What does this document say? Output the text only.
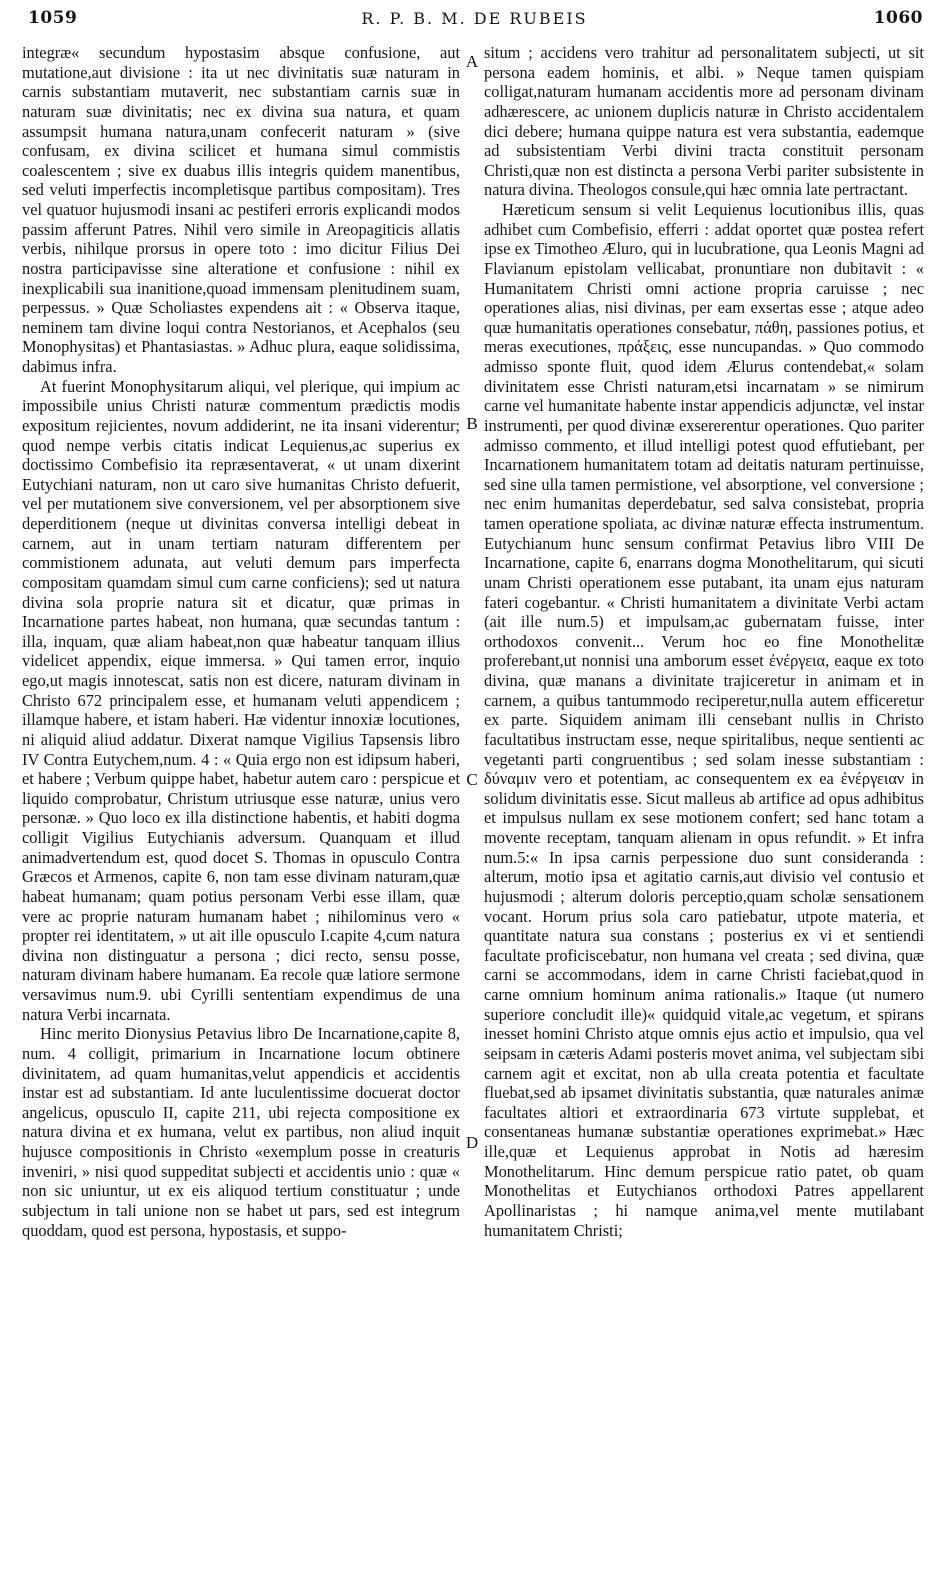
1059	R. P. B. M. DE RUBEIS	1060

integræ« secundum hypostasim absque confusione, aut mutatione,aut divisione : ita ut nec divinitatis suæ naturam in carnis substantiam mutaverit, nec substantiam carnis suæ in naturam suæ divinitatis; nec ex divina sua natura, et quam assumpsit humana natura,unam confecerit naturam » (sive confusam, ex divina scilicet et humana simul commistis coalescentem ; sive ex duabus illis integris quidem manentibus, sed veluti imperfectis incompletisque partibus compositam). Tres vel quatuor hujusmodi insani ac pestiferi erroris explicandi modos passim afferunt Patres. Nihil vero simile in Areopagiticis allatis verbis, nihilque prorsus in opere toto : imo dicitur Filius Dei nostra participavisse sine alteratione et confusione : nihil ex inexplicabili sua inanitione,quoad immensam plenitudinem suam, perpessus. » Quæ Scholiastes expendens ait : « Observa itaque, neminem tam divine loqui contra Nestorianos, et Acephalos (seu Monophysitas) et Phantasiastas. » Adhuc plura, eaque solidissima, dabimus infra.

At fuerint Monophysitarum aliqui, vel plerique, qui impium ac impossibile unius Christi naturæ commentum prædictis modis expositum rejicientes, novum addiderint, ne ita insani viderentur; quod nempe verbis citatis indicat Lequienus,ac superius ex doctissimo Combefisio ita repræsentaverat, « ut unam dixerint Eutychiani naturam, non ut caro sive humanitas Christo defuerit, vel per mutationem sive conversionem, vel per absorptionem sive deperditionem (neque ut divinitas conversa intelligi debeat in carnem, aut in unam tertiam naturam differentem per commistionem adunata, aut veluti demum pars imperfecta compositam quamdam simul cum carne conficiens); sed ut natura divina sola proprie natura sit et dicatur, quæ primas in Incarnatione partes habeat, non humana, quæ secundas tantum : illa, inquam, quæ aliam habeat,non quæ habeatur tanquam illius videlicet appendix, eique immersa. » Qui tamen error, inquio ego,ut magis innotescat, satis non est dicere, naturam divinam in Christo 672 principalem esse, et humanam veluti appendicem ; illamque habere, et istam haberi. Hæ videntur innoxiæ locutiones, ni aliquid aliud addatur. Dixerat namque Vigilius Tapsensis libro IV Contra Eutychem,num. 4 : « Quia ergo non est idipsum haberi, et habere ; Verbum quippe habet, habetur autem caro : perspicue et liquido comprobatur, Christum utriusque esse naturæ, unius vero personæ. » Quo loco ex illa distinctione habentis, et habiti dogma colligit Vigilius Eutychianis adversum. Quanquam et illud animadvertendum est, quod docet S. Thomas in opusculo Contra Græcos et Armenos, capite 6, non tam esse divinam naturam,quæ habeat humanam; quam potius personam Verbi esse illam, quæ vere ac proprie naturam humanam habet ; nihilominus vero « propter rei identitatem, » ut ait ille opusculo I.capite 4,cum natura divina non distinguatur a persona ; dici recto, sensu posse, naturam divinam habere humanam. Ea recole quæ latiore sermone versavimus num.9. ubi Cyrilli sententiam expendimus de una natura Verbi incarnata.

Hinc merito Dionysius Petavius libro De Incarnatione,capite 8, num. 4 colligit, primarium in Incarnatione locum obtinere divinitatem, ad quam humanitas,velut appendicis et accidentis instar est ad substantiam. Id ante luculentissime docuerat doctor angelicus, opusculo II, capite 211, ubi rejecta compositione ex natura divina et ex humana, velut ex partibus, non aliud inquit hujusce compositionis in Christo «exemplum posse in creaturis inveniri, » nisi quod suppeditat subjecti et accidentis unio : quæ « non sic uniuntur, ut ex eis aliquod tertium constituatur ; unde subjectum in tali unione non se habet ut pars, sed est integrum quoddam, quod est persona, hypostasis, et suppo-

A
B
C
D

situm ; accidens vero trahitur ad personalitatem subjecti, ut sit persona eadem hominis, et albi. » Neque tamen quispiam colligat,naturam humanam accidentis more ad personam divinam adhærescere, ac unionem duplicis naturæ in Christo accidentalem dici debere; humana quippe natura est vera substantia, eademque ad subsistentiam Verbi divini tracta constituit personam Christi,quæ non est distincta a persona Verbi pariter subsistente in natura divina. Theologos consule,qui hæc omnia late pertractant.

Hæreticum sensum si velit Lequienus locutionibus illis, quas adhibet cum Combefisio, efferri : addat oportet quæ postea refert ipse ex Timotheo Æluro, qui in lucubratione, qua Leonis Magni ad Flavianum epistolam vellicabat, pronuntiare non dubitavit : « Humanitatem Christi omni actione propria caruisse ; nec operationes alias, nisi divinas, per eam exsertas esse ; atque adeo quæ humanitatis operationes consebatur, πάθη, passiones potius, et meras executiones, πράξεις, esse nuncupandas. » Quo commodo admisso sponte fluit, quod idem Ælurus contendebat,« solam divinitatem esse Christi naturam,etsi incarnatam » se nimirum carne vel humanitate habente instar appendicis adjunctæ, vel instar instrumenti, per quod divinæ exsererentur operationes. Quo pariter admisso commento, et illud intelligi potest quod effutiebant, per Incarnationem humanitatem totam ad deitatis naturam pertinuisse, sed sine ulla tamen permistione, vel absorptione, vel conversione ; nec enim humanitas deperdebatur, sed salva consistebat, propria tamen operatione spoliata, ac divinæ naturæ effecta instrumentum. Eutychianum hunc sensum confirmat Petavius libro VIII De Incarnatione, capite 6, enarrans dogma Monothelitarum, qui sicuti unam Christi operationem esse putabant, ita unam ejus naturam fateri cogebantur. « Christi humanitatem a divinitate Verbi actam (ait ille num.5) et impulsam,ac gubernatam fuisse, inter orthodoxos convenit... Verum hoc eo fine Monothelitæ proferebant,ut nonnisi una amborum esset ἐνέργεια, eaque ex toto divina, quæ manans a divinitate trajiceretur in animam et in carnem, a quibus tantummodo reciperetur,nulla autem efficeretur ex parte. Siquidem animam illi censebant nullis in Christo facultatibus instructam esse, neque spiritalibus, neque sentienti ac vegetanti parti congruentibus ; sed solam inesse substantiam : δύναμιν vero et potentiam, ac consequentem ex ea ἐνέργειαν in solidum divinitatis esse. Sicut malleus ab artifice ad opus adhibitus et impulsus nullam ex sese motionem confert; sed hanc totam a movente receptam, tanquam alienam in opus refundit. » Et infra num.5:« In ipsa carnis perpessione duo sunt consideranda : alterum, motio ipsa et agitatio carnis,aut divisio vel contusio et hujusmodi ; alterum doloris perceptio,quam scholæ sensationem vocant. Horum prius sola caro patiebatur, utpote materia, et quantitate natura sua constans ; posterius ex vi et sentiendi facultate proficiscebatur, non humana vel creata ; sed divina, quæ carni se accommodans, idem in carne Christi faciebat,quod in carne omnium hominum anima rationalis.» Itaque (ut numero superiore concludit ille)« quidquid vitale,ac vegetum, et spirans inesset homini Christo atque omnis ejus actio et impulsio, qua vel seipsam in cæteris Adami posteris movet anima, vel subjectam sibi carnem agit et excitat, non ab ulla creata potentia et facultate fluebat,sed ab ipsamet divinitatis substantia, quæ naturales animæ facultates altiori et extraordinaria 673 virtute supplebat, et consentaneas humanæ substantiæ operationes exprimebat.» Hæc ille,quæ et Lequienus approbat in Notis ad hæresim Monothelitarum. Hinc demum perspicue ratio patet, ob quam Monothelitas et Eutychianos orthodoxi Patres appellarent Apollinaristas ; hi namque anima,vel mente mutilabant humanitatem Christi;
